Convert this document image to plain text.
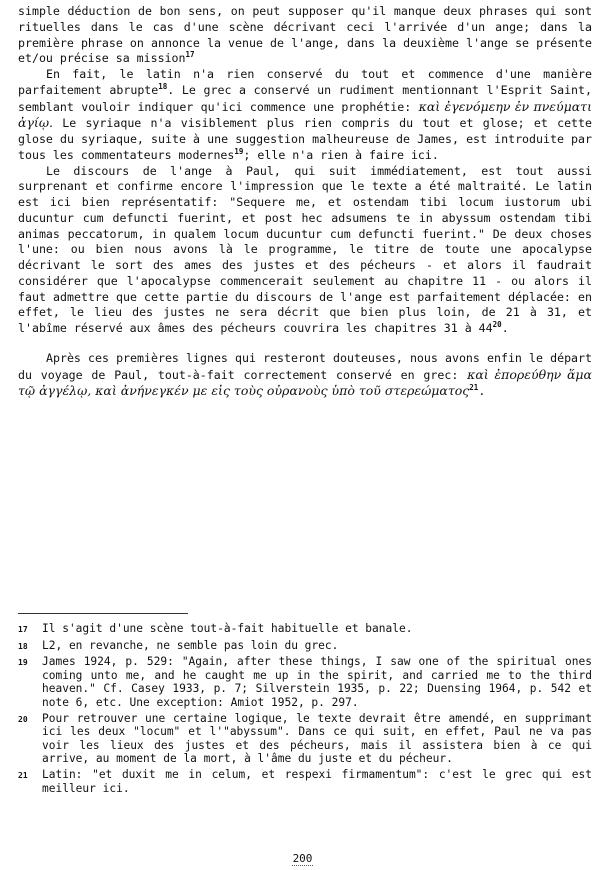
simple déduction de bon sens, on peut supposer qu'il manque deux phrases qui sont rituelles dans le cas d'une scène décrivant ceci l'arrivée d'un ange; dans la première phrase on annonce la venue de l'ange, dans la deuxième l'ange se présente et/ou précise sa mission$^{17}$

En fait, le latin n'a rien conservé du tout et commence d'une manière parfaitement abrupte$^{18}$. Le grec a conservé un rudiment mentionnant l'Esprit Saint, semblant vouloir indiquer qu'ici commence une prophétie: καὶ ἐγενόμεην ἐν πνεύματι ἁγίῳ. Le syriaque n'a visiblement plus rien compris du tout et glose; et cette glose du syriaque, suite à une suggestion malheureuse de James, est introduite par tous les commentateurs modernes$^{19}$; elle n'a rien à faire ici.

Le discours de l'ange à Paul, qui suit immédiatement, est tout aussi surprenant et confirme encore l'impression que le texte a été maltraité. Le latin est ici bien représentatif: "Sequere me, et ostendam tibi locum iustorum ubi ducuntur cum defuncti fuerint, et post hec adsumens te in abyssum ostendam tibi animas peccatorum, in qualem locum ducuntur cum defuncti fuerint." De deux choses l'une: ou bien nous avons là le programme, le titre de toute une apocalypse décrivant le sort des ames des justes et des pécheurs - et alors il faudrait considérer que l'apocalypse commencerait seulement au chapitre 11 - ou alors il faut admettre que cette partie du discours de l'ange est parfaitement déplacée: en effet, le lieu des justes ne sera décrit que bien plus loin, de 21 à 31, et l'abîme réservé aux âmes des pécheurs couvrira les chapitres 31 à $44^{20}$.

Après ces premières lignes qui resteront douteuses, nous avons enfin le départ du voyage de Paul, tout-à-fait correctement conservé en grec: καὶ ἐπορεύθην ἅμα τῷ ἀγγέλῳ, καὶ ἀνήνεγκέν με εἰς τοὺς οὐρανοὺς ὑπὸ τοῦ στερεώματος$^{21}$.

17	Il s'agit d'une scène tout-à-fait habituelle et banale.
18	L2, en revanche, ne semble pas loin du grec.
19	James 1924, p. 529: "Again, after these things, I saw one of the spiritual ones coming unto me, and he caught me up in the spirit, and carried me to the third heaven." Cf. Casey 1933, p. 7; Silverstein 1935, p. 22; Duensing 1964, p. 542 et note 6, etc. Une exception: Amiot 1952, p. 297.
20	Pour retrouver une certaine logique, le texte devrait être amendé, en supprimant ici les deux "locum" et l'"abyssum". Dans ce qui suit, en effet, Paul ne va pas voir les lieux des justes et des pécheurs, mais il assistera bien à ce qui arrive, au moment de la mort, à l'âme du juste et du pécheur.
21	Latin: "et duxit me in celum, et respexi firmamentum": c'est le grec qui est meilleur ici.
200
